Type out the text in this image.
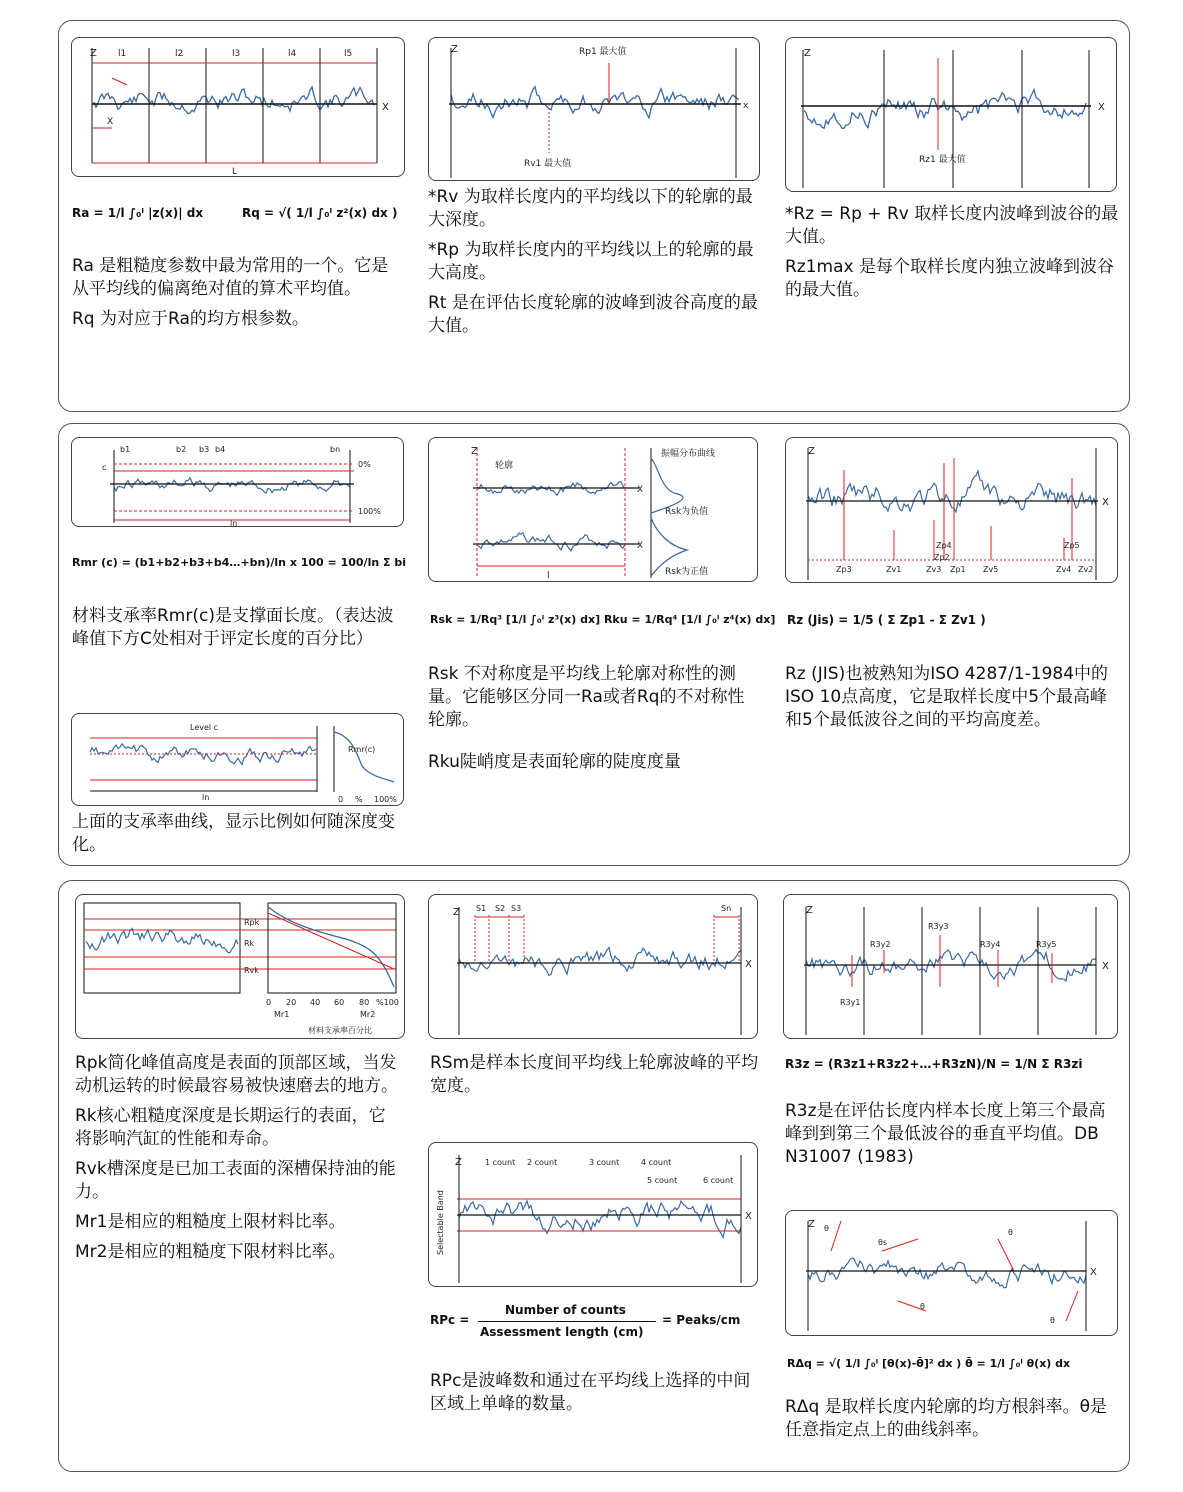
Z
X
X
L
l1	l2	l3	l4	l5
Ra = 1/l ∫₀ˡ |z(x)| dx	Rq = √( 1/l ∫₀ˡ z²(x) dx )

Ra 是粗糙度参数中最为常用的一个。它是从平均线的偏离绝对值的算术平均值。

Rq 为对应于Ra的均方根参数。

Z
x
Rp1 最大值
Rv1 最大值

*Rv 为取样长度内的平均线以下的轮廓的最大深度。

*Rp 为取样长度内的平均线以上的轮廓的最大高度。

Rt 是在评估长度轮廓的波峰到波谷高度的最大值。

Z
X
Rz1 最大值

*Rz = Rp + Rv 取样长度内波峰到波谷的最大值。

Rz1max 是每个取样长度内独立波峰到波谷的最大值。

b1	b2 b3 b4	bn
c	0%
100%
ln
Rmr (c) = (b1+b2+b3+b4…+bn)/ln x 100 = 100/ln Σ bi

材料支承率Rmr(c)是支撑面长度。（表达波峰值下方C处相对于评定长度的百分比）

Level c
Rmr(c)
ln	0 % 100%

上面的支承率曲线，显示比例如何随深度变化。

Z
X
X
l
轮廓
振幅分布曲线
Rsk为负值
Rsk为正值
Rsk = 1/Rq³ [1/l ∫₀ˡ z³(x) dx] Rku = 1/Rq⁴ [1/l ∫₀ˡ z⁴(x) dx]

Rsk 不对称度是平均线上轮廓对称性的测量。它能够区分同一Ra或者Rq的不对称性轮廓。

Rku陡峭度是表面轮廓的陡度度量

Z
X
Zp3	Zv1	Zv3
Zp4
Zp1
Zp2
Zv5	Zv4
Zp5
Zv2
Rz (Jis) = 1/5 ( Σ Zp1 - Σ Zv1 )

Rz (JIS)也被熟知为ISO 4287/1-1984中的ISO 10点高度，它是取样长度中5个最高峰和5个最低波谷之间的平均高度差。

Rpk
Rk
Rvk
0 20 40 60 80 %100
Mr1	Mr2
材料支承率百分比

Rpk简化峰值高度是表面的顶部区域，当发动机运转的时候最容易被快速磨去的地方。

Rk核心粗糙度深度是长期运行的表面，它将影响汽缸的性能和寿命。

Rvk槽深度是已加工表面的深槽保持油的能力。

Mr1是相应的粗糙度上限材料比率。

Mr2是相应的粗糙度下限材料比率。

Z
X
S1 S2 S3	Sn

RSm是样本长度间平均线上轮廓波峰的平均宽度。

Z
X
1 count 2 count	3 count	4 count
5 count	6 count
Selectable Band
RPc =
Number of counts
Assessment length (cm)
= Peaks/cm

RPc是波峰数和通过在平均线上选择的中间区域上单峰的数量。

Z
X
R3y1
R3y2
R3y3
R3y4	R3y5
R3z = (R3z1+R3z2+…+R3zN)/N = 1/N Σ R3zi

R3z是在评估长度内样本长度上第三个最高峰到到第三个最低波谷的垂直平均值。DB N31007 (1983)

Z
X
θ
θs
θ
θ
θ
RΔq = √( 1/l ∫₀ˡ [θ(x)-θ̄]² dx ) θ̄ = 1/l ∫₀ˡ θ(x) dx

RΔq 是取样长度内轮廓的均方根斜率。θ是任意指定点上的曲线斜率。
